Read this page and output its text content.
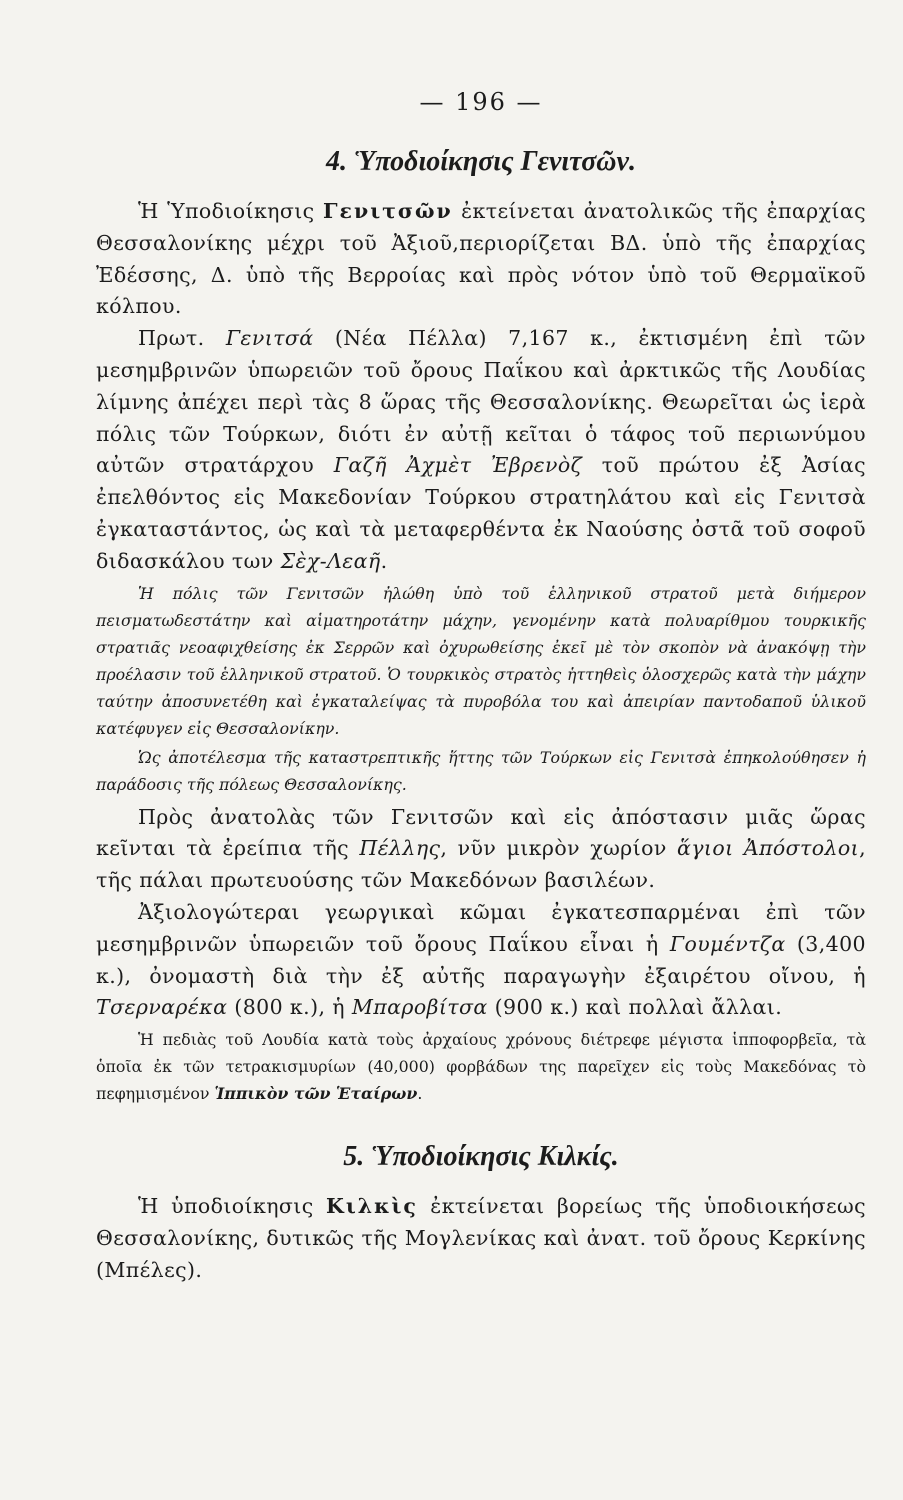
— 196 —
4. Ὑποδιοίκησις Γενιτσῶν.

Ἡ Ὑποδιοίκησις Γενιτσῶν ἐκτείνεται ἀνατολικῶς τῆς ἐπαρχίας Θεσσαλονίκης μέχρι τοῦ Ἀξιοῦ,περιορίζεται ΒΔ. ὑπὸ τῆς ἐπαρχίας Ἐδέσσης, Δ. ὑπὸ τῆς Βερροίας καὶ πρὸς νότον ὑπὸ τοῦ Θερμαϊκοῦ κόλπου.

Πρωτ. Γενιτσά (Νέα Πέλλα) 7,167 κ., ἐκτισμένη ἐπὶ τῶν μεσημβρινῶν ὑπωρειῶν τοῦ ὄρους Παΐκου καὶ ἀρκτικῶς τῆς Λουδίας λίμνης ἀπέχει περὶ τὰς 8 ὥρας τῆς Θεσσαλονίκης. Θεωρεῖται ὡς ἱερὰ πόλις τῶν Τούρκων, διότι ἐν αὐτῇ κεῖται ὁ τάφος τοῦ περιωνύμου αὐτῶν στρατάρχου Γαζῆ Ἀχμὲτ Ἐβρενὸζ τοῦ πρώτου ἐξ Ἀσίας ἐπελθόντος εἰς Μακεδονίαν Τούρκου στρατηλάτου καὶ εἰς Γενιτσὰ ἐγκαταστάντος, ὡς καὶ τὰ μεταφερθέντα ἐκ Ναούσης ὀστᾶ τοῦ σοφοῦ διδασκάλου των Σὲχ-Λεαῆ.

Ἡ πόλις τῶν Γενιτσῶν ἠλώθη ὑπὸ τοῦ ἑλληνικοῦ στρατοῦ μετὰ διήμερον πεισματωδεστάτην καὶ αἱματηροτάτην μάχην, γενομένην κατὰ πολυαρίθμου τουρκικῆς στρατιᾶς νεοαφιχθείσης ἐκ Σερρῶν καὶ ὀχυρωθείσης ἐκεῖ μὲ τὸν σκοπὸν νὰ ἀνακόψῃ τὴν προέλασιν τοῦ ἑλληνικοῦ στρατοῦ. Ὁ τουρκικὸς στρατὸς ἡττηθεὶς ὁλοσχερῶς κατὰ τὴν μάχην ταύτην ἀποσυνετέθη καὶ ἐγκαταλείψας τὰ πυροβόλα του καὶ ἀπειρίαν παντοδαποῦ ὑλικοῦ κατέφυγεν εἰς Θεσσαλονίκην.

Ὡς ἀποτέλεσμα τῆς καταστρεπτικῆς ἥττης τῶν Τούρκων εἰς Γενιτσὰ ἐπηκολούθησεν ἡ παράδοσις τῆς πόλεως Θεσσαλονίκης.

Πρὸς ἀνατολὰς τῶν Γενιτσῶν καὶ εἰς ἀπόστασιν μιᾶς ὥρας κεῖνται τὰ ἐρείπια τῆς Πέλλης, νῦν μικρὸν χωρίον ἅγιοι Ἀπόστολοι, τῆς πάλαι πρωτευούσης τῶν Μακεδόνων βασιλέων.

Ἀξιολογώτεραι γεωργικαὶ κῶμαι ἐγκατεσπαρμέναι ἐπὶ τῶν μεσημβρινῶν ὑπωρειῶν τοῦ ὄρους Παΐκου εἶναι ἡ Γουμέντζα (3,400 κ.), ὀνομαστὴ διὰ τὴν ἐξ αὐτῆς παραγωγὴν ἐξαιρέτου οἴνου, ἡ Τσερναρέκα (800 κ.), ἡ Μπαροβίτσα (900 κ.) καὶ πολλαὶ ἄλλαι.

Ἡ πεδιὰς τοῦ Λουδία κατὰ τοὺς ἀρχαίους χρόνους διέτρεφε μέγιστα ἱπποφορβεῖα, τὰ ὁποῖα ἐκ τῶν τετρακισμυρίων (40,000) φορβάδων της παρεῖχεν εἰς τοὺς Μακεδόνας τὸ πεφημισμένον Ἱππικὸν τῶν Ἑταίρων.

5. Ὑποδιοίκησις Κιλκίς.

Ἡ ὑποδιοίκησις Κιλκὶς ἐκτείνεται βορείως τῆς ὑποδιοικήσεως Θεσσαλονίκης, δυτικῶς τῆς Μογλενίκας καὶ ἀνατ. τοῦ ὄρους Κερκίνης (Μπέλες).
